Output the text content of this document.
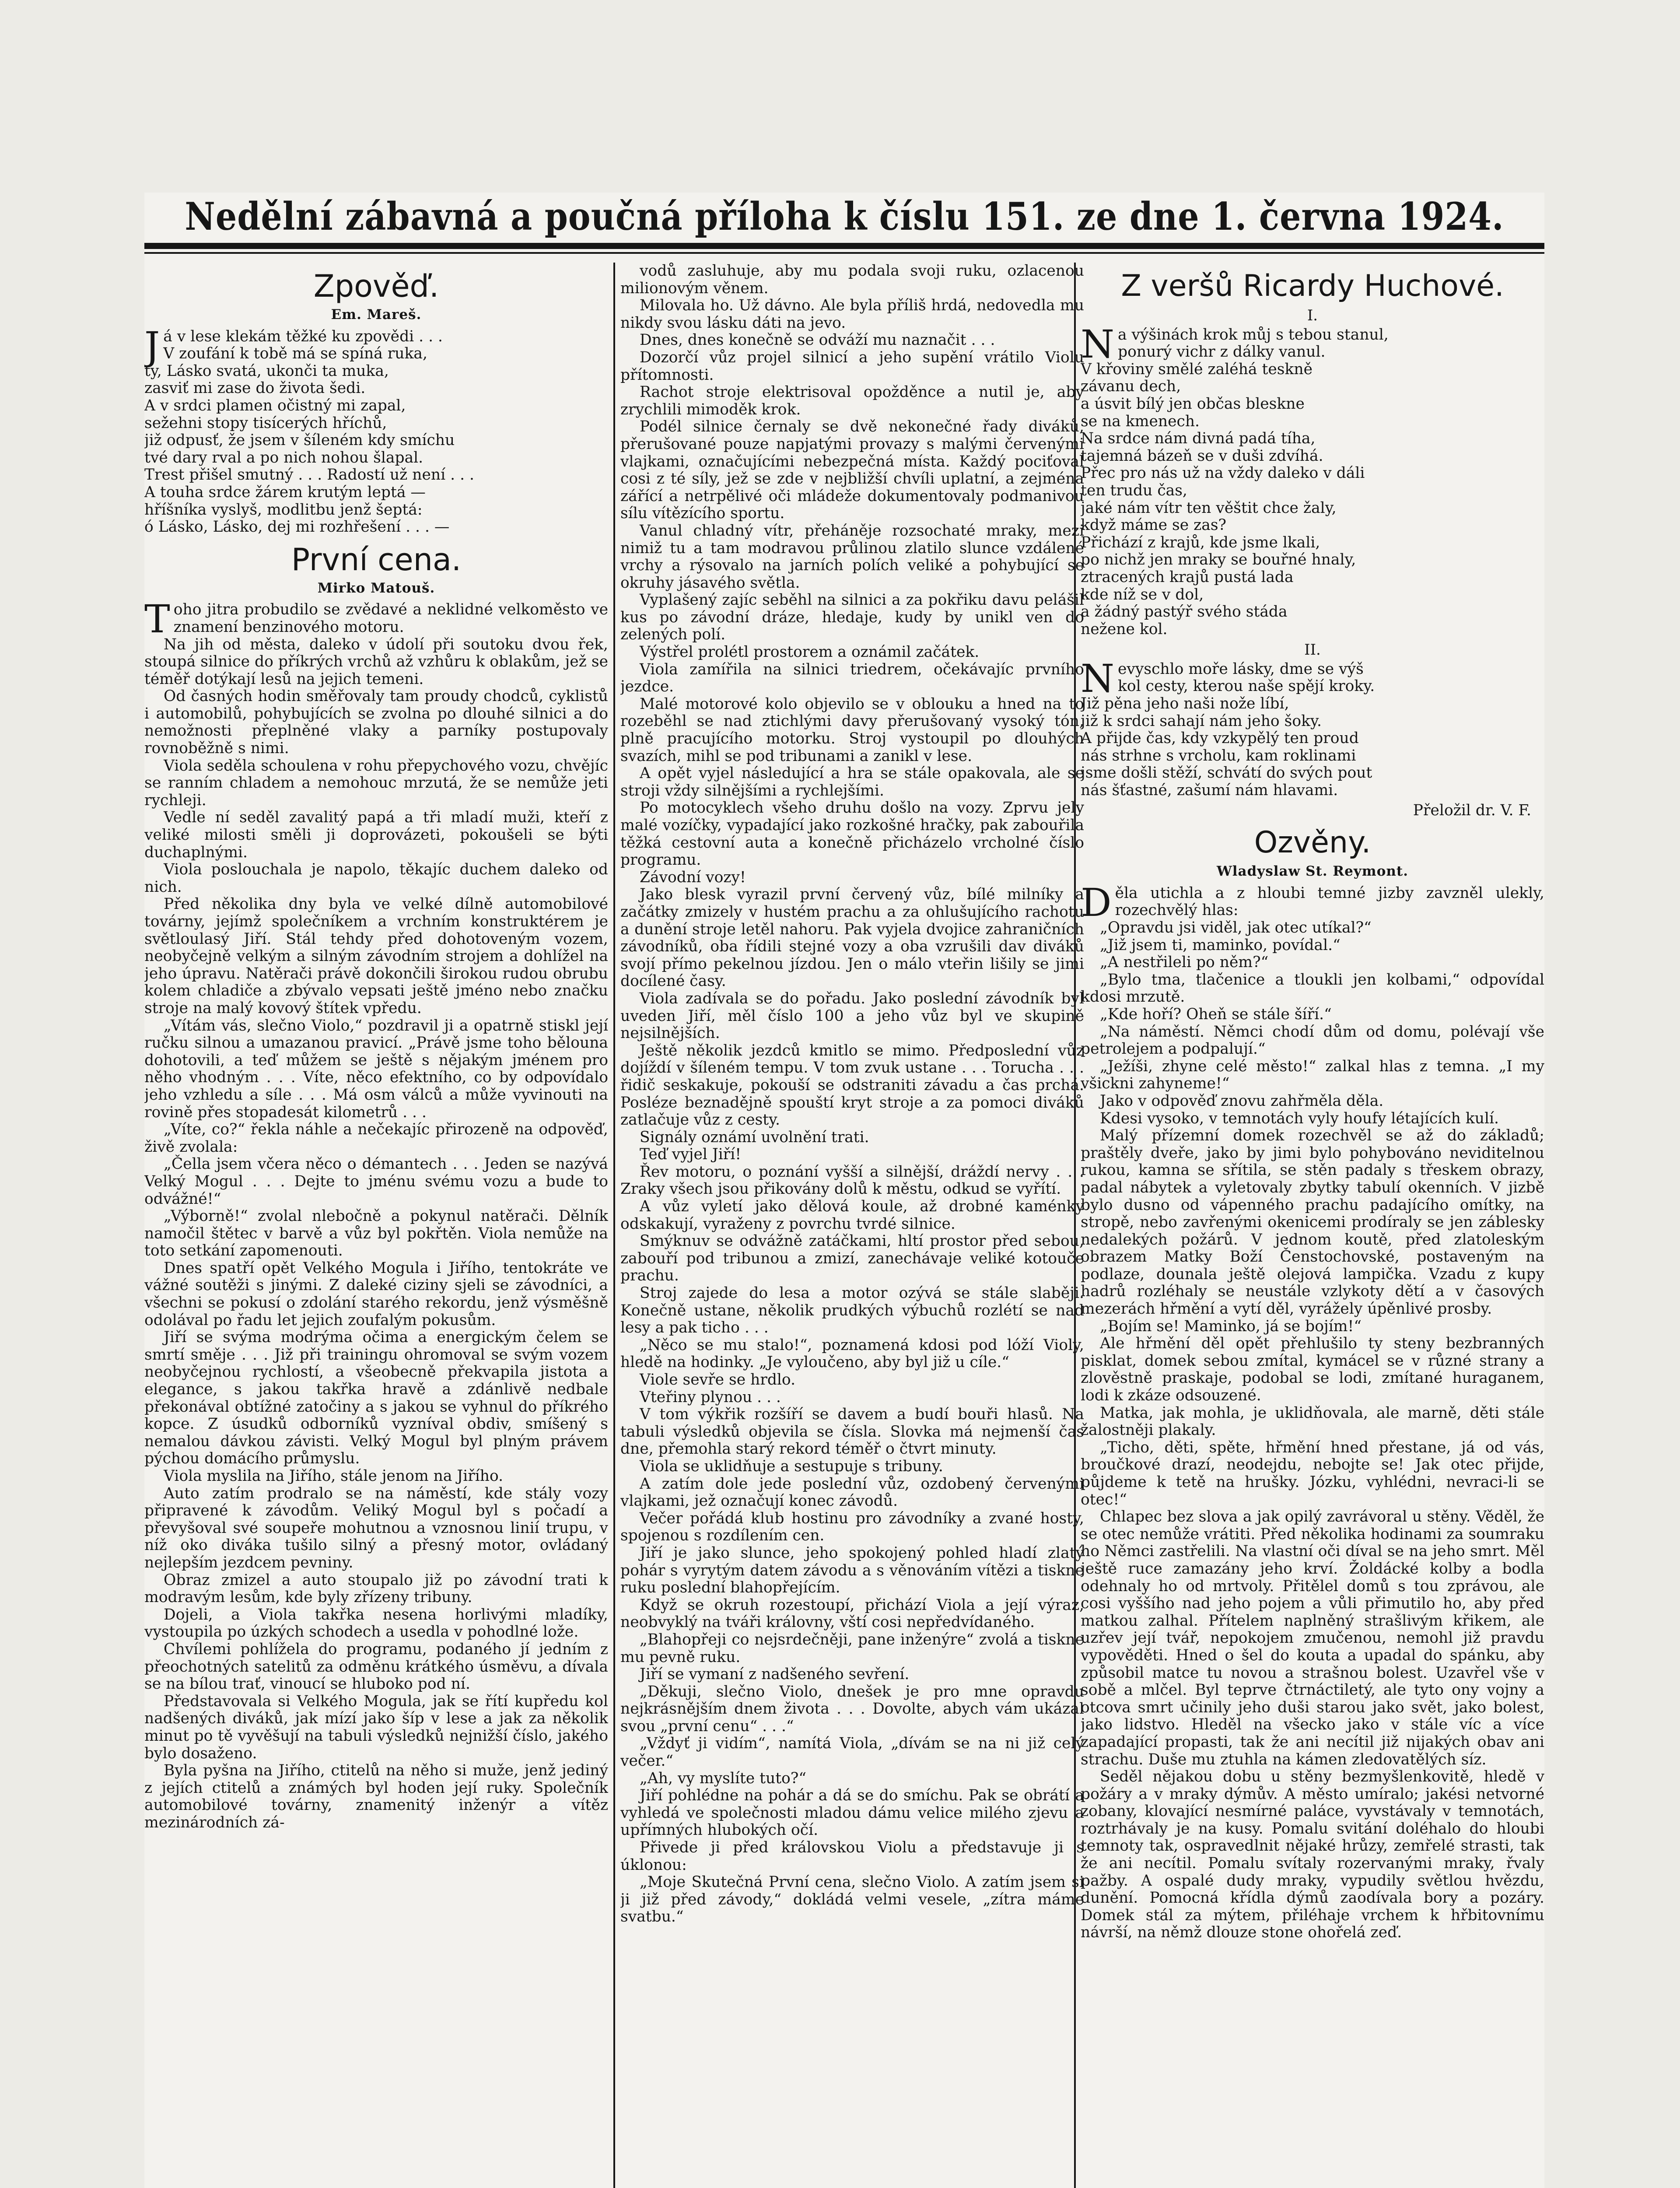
Nedělní zábavná a poučná příloha k číslu 151. ze dne 1. června 1924.
Zpověď.
Em. Mareš.

Já v lese klekám těžké ku zpovědi . . .
V zoufání k tobě má se spíná ruka,
ty, Lásko svatá, ukonči ta muka,
zasviť mi zase do života šedi.

A v srdci plamen očistný mi zapal,
sežehni stopy tisícerých hříchů,
již odpusť, že jsem v šíleném kdy smíchu
tvé dary rval a po nich nohou šlapal.

Trest přišel smutný . . . Radostí už není . . .
A touha srdce žárem krutým leptá —
hříšníka vyslyš, modlitbu jenž šeptá:
ó Lásko, Lásko, dej mi rozhřešení . . . —

První cena.
Mirko Matouš.

Toho jitra probudilo se zvědavé a neklidné velkoměsto ve znamení benzinového motoru.

Na jih od města, daleko v údolí při soutoku dvou řek, stoupá silnice do příkrých vrchů až vzhůru k oblakům, jež se téměř dotýkají lesů na jejich temeni.

Od časných hodin směřovaly tam proudy chodců, cyklistů i automobilů, pohybujících se zvolna po dlouhé silnici a do nemožnosti přeplněné vlaky a parníky postupovaly rovnoběžně s nimi.

Viola seděla schoulena v rohu přepychového vozu, chvějíc se ranním chladem a nemohouc mrzutá, že se nemůže jeti rychleji.

Vedle ní seděl zavalitý papá a tři mladí muži, kteří z veliké milosti směli ji doprovázeti, pokoušeli se býti duchaplnými.

Viola poslouchala je napolo, těkajíc duchem daleko od nich.

Před několika dny byla ve velké dílně automobilové továrny, jejímž společníkem a vrchním konstruktérem je světloulasý Jiří. Stál tehdy před dohotoveným vozem, neobyčejně velkým a silným závodním strojem a dohlížel na jeho úpravu. Natěrači právě dokončili širokou rudou obrubu kolem chladiče a zbývalo vepsati ještě jméno nebo značku stroje na malý kovový štítek vpředu.

„Vítám vás, slečno Violo,“ pozdravil ji a opatrně stiskl její ručku silnou a umazanou pravicí. „Právě jsme toho bělouna dohotovili, a teď můžem se ještě s nějakým jménem pro něho vhodným . . . Víte, něco efektního, co by odpovídalo jeho vzhledu a síle . . . Má osm válců a může vyvinouti na rovině přes stopadesát kilometrů . . .

„Víte, co?“ řekla náhle a nečekajíc přirozeně na odpověď, živě zvolala:

„Čella jsem včera něco o démantech . . . Jeden se nazývá Velký Mogul . . . Dejte to jménu svému vozu a bude to odvážné!“

„Výborně!“ zvolal nlebočně a pokynul natěrači. Dělník namočil štětec v barvě a vůz byl pokřtěn. Viola nemůže na toto setkání zapomenouti.

Dnes spatří opět Velkého Mogula i Jiřího, tentokráte ve vážné soutěži s jinými. Z daleké ciziny sjeli se závodníci, a všechni se pokusí o zdolání starého rekordu, jenž výsměšně odolával po řadu let jejich zoufalým pokusům.

Jiří se svýma modrýma očima a energickým čelem se smrtí směje . . . Již při trainingu ohromoval se svým vozem neobyčejnou rychlostí, a všeobecně překvapila jistota a elegance, s jakou takřka hravě a zdánlivě nedbale překonával obtížné zatočiny a s jakou se vyhnul do příkrého kopce. Z úsudků odborníků vyzníval obdiv, smíšený s nemalou dávkou závisti. Velký Mogul byl plným právem pýchou domácího průmyslu.

Viola myslila na Jiřího, stále jenom na Jiřího.

Auto zatím prodralo se na náměstí, kde stály vozy připravené k závodům. Veliký Mogul byl s počadí a převyšoval své soupeře mohutnou a vznosnou linií trupu, v níž oko diváka tušilo silný a přesný motor, ovládaný nejlepším jezdcem pevniny.

Obraz zmizel a auto stoupalo již po závodní trati k modravým lesům, kde byly zřízeny tribuny.

Dojeli, a Viola takřka nesena horlivými mladíky, vystoupila po úzkých schodech a usedla v pohodlné lože.

Chvílemi pohlížela do programu, podaného jí jedním z přeochotných satelitů za odměnu krátkého úsměvu, a dívala se na bílou trať, vinoucí se hluboko pod ní.

Představovala si Velkého Mogula, jak se řítí kupředu kol nadšených diváků, jak mízí jako šíp v lese a jak za několik minut po tě vyvěšují na tabuli výsledků nejnižší číslo, jakého bylo dosaženo.

Byla pyšna na Jiřího, ctitelů na něho si muže, jenž jediný z jejích ctitelů a známých byl hoden její ruky. Společník automobilové továrny, znamenitý inženýr a vítěz mezinárodních zá-

vodů zasluhuje, aby mu podala svoji ruku, ozlacenou milionovým věnem.

Milovala ho. Už dávno. Ale byla příliš hrdá, nedovedla mu nikdy svou lásku dáti na jevo.

Dnes, dnes konečně se odváží mu naznačit . . .

Dozorčí vůz projel silnicí a jeho supění vrátilo Violu přítomnosti.

Rachot stroje elektrisoval opožděnce a nutil je, aby zrychlili mimoděk krok.

Podél silnice černaly se dvě nekonečné řady diváků, přerušované pouze napjatými provazy s malými červenými vlajkami, označujícími nebezpečná místa. Každý pociťoval cosi z té síly, jež se zde v nejbližší chvíli uplatní, a zejména zářící a netrpělivé oči mládeže dokumentovaly podmanivou sílu vítězícího sportu.

Vanul chladný vítr, přeháněje rozsochaté mraky, mezi nimiž tu a tam modravou průlinou zlatilo slunce vzdálené vrchy a rýsovalo na jarních polích veliké a pohybující se okruhy jásavého světla.

Vyplašený zajíc seběhl na silnici a za pokřiku davu pelášil kus po závodní dráze, hledaje, kudy by unikl ven do zelených polí.

Výstřel prolétl prostorem a oznámil začátek.

Viola zamířila na silnici triedrem, očekávajíc prvního jezdce.

Malé motorové kolo objevilo se v oblouku a hned na to rozeběhl se nad ztichlými davy přerušovaný vysoký tón, plně pracujícího motorku. Stroj vystoupil po dlouhých svazích, mihl se pod tribunami a zanikl v lese.

A opět vyjel následující a hra se stále opakovala, ale se stroji vždy silnějšími a rychlejšími.

Po motocyklech všeho druhu došlo na vozy. Zprvu jely malé vozíčky, vypadající jako rozkošné hračky, pak zabouřila těžká cestovní auta a konečně přicházelo vrcholné číslo programu.

Závodní vozy!

Jako blesk vyrazil první červený vůz, bílé milníky a začátky zmizely v hustém prachu a za ohlušujícího rachotu a dunění stroje letěl nahoru. Pak vyjela dvojice zahraničních závodníků, oba řídili stejné vozy a oba vzrušili dav diváků svojí přímo pekelnou jízdou. Jen o málo vteřin lišily se jimi docílené časy.

Viola zadívala se do pořadu. Jako poslední závodník byl uveden Jiří, měl číslo 100 a jeho vůz byl ve skupině nejsilnějších.

Ještě několik jezdců kmitlo se mimo. Předposlední vůz dojíždí v šíleném tempu. V tom zvuk ustane . . . Torucha . . . řidič seskakuje, pokouší se odstraniti závadu a čas prchá. Posléze beznadějně spouští kryt stroje a za pomoci diváků zatlačuje vůz z cesty.

Signály oznámí uvolnění trati.

Teď vyjel Jiří!

Řev motoru, o poznání vyšší a silnější, dráždí nervy . . . Zraky všech jsou přikovány dolů k městu, odkud se vyřítí.

A vůz vyletí jako dělová koule, až drobné kaménky odskakují, vyraženy z povrchu tvrdé silnice.

Smýknuv se odvážně zatáčkami, hltí prostor před sebou, zabouří pod tribunou a zmizí, zanechávaje veliké kotouče prachu.

Stroj zajede do lesa a motor ozývá se stále slaběji. Konečně ustane, několik prudkých výbuchů rozlétí se nad lesy a pak ticho . . .

„Něco se mu stalo!“, poznamená kdosi pod lóží Violy, hledě na hodinky. „Je vyloučeno, aby byl již u cíle.“

Viole sevře se hrdlo.

Vteřiny plynou . . .

V tom výkřik rozšíří se davem a budí bouři hlasů. Na tabuli výsledků objevila se čísla. Slovka má nejmenší čas dne, přemohla starý rekord téměř o čtvrt minuty.

Viola se uklidňuje a sestupuje s tribuny.

A zatím dole jede poslední vůz, ozdobený červenými vlajkami, jež označují konec závodů.

Večer pořádá klub hostinu pro závodníky a zvané hosty, spojenou s rozdílením cen.

Jiří je jako slunce, jeho spokojený pohled hladí zlatý pohár s vyrytým datem závodu a s věnováním vítězi a tiskne ruku poslední blahopřejícím.

Když se okruh rozestoupí, přichází Viola a její výraz, neobvyklý na tváři královny, vští cosi nepředvídaného.

„Blahopřeji co nejsrdečněji, pane inženýre“ zvolá a tiskne mu pevně ruku.

Jiří se vymaní z nadšeného sevření.

„Děkuji, slečno Violo, dnešek je pro mne opravdu nejkrásnějším dnem života . . . Dovolte, abych vám ukázal svou „první cenu“ . . .“

„Vždyť ji vidím“, namítá Viola, „dívám se na ni již celý večer.“

„Ah, vy myslíte tuto?“

Jiří pohlédne na pohár a dá se do smíchu. Pak se obrátí a vyhledá ve společnosti mladou dámu velice milého zjevu a upřímných hlubokých očí.

Přivede ji před královskou Violu a představuje ji s úklonou:

„Moje Skutečná První cena, slečno Violo. A zatím jsem si ji již před závody,“ dokládá velmi vesele, „zítra máme svatbu.“

Z veršů Ricardy Huchové.
I.

Na výšinách krok můj s tebou stanul,
ponurý vichr z dálky vanul.
V křoviny smělé zaléhá teskně
závanu dech,
a úsvit bílý jen občas bleskne
se na kmenech.

Na srdce nám divná padá tíha,
tajemná bázeň se v duši zdvíhá.
Přec pro nás už na vždy daleko v dáli
ten trudu čas,
jaké nám vítr ten věštit chce žaly,
když máme se zas?

Přichází z krajů, kde jsme lkali,
po nichž jen mraky se bouřné hnaly,
ztracených krajů pustá lada
kde níž se v dol,
a žádný pastýř svého stáda
nežene kol.

II.

Nevyschlo moře lásky, dme se výš
kol cesty, kterou naše spějí kroky.
Již pěna jeho naši nože líbí,
již k srdci sahají nám jeho šoky.
A přijde čas, kdy vzkypělý ten proud
nás strhne s vrcholu, kam roklinami
jsme došli stěží, schvátí do svých pout
nás šťastné, zašumí nám hlavami.

Přeložil dr. V. F.
Ozvěny.
Wladyslaw St. Reymont.

Děla utichla a z hloubi temné jizby zavzněl ulekly, rozechvělý hlas:

„Opravdu jsi viděl, jak otec utíkal?“

„Již jsem ti, maminko, povídal.“

„A nestřileli po něm?“

„Bylo tma, tlačenice a tloukli jen kolbami,“ odpovídal kdosi mrzutě.

„Kde hoří? Oheň se stále šíří.“

„Na náměstí. Němci chodí dům od domu, polévají vše petrolejem a podpalují.“

„Ježíši, zhyne celé město!“ zalkal hlas z temna. „I my všickni zahyneme!“

Jako v odpověď znovu zahřměla děla.

Kdesi vysoko, v temnotách vyly houfy létajících kulí.

Malý přízemní domek rozechvěl se až do základů; praštěly dveře, jako by jimi bylo pohybováno neviditelnou rukou, kamna se sřítila, se stěn padaly s třeskem obrazy, padal nábytek a vyletovaly zbytky tabulí okenních. V jizbě bylo dusno od vápenného prachu padajícího omítky, na stropě, nebo zavřenými okenicemi prodíraly se jen záblesky nedalekých požárů. V jednom koutě, před zlatoleským obrazem Matky Boží Čenstochovské, postaveným na podlaze, dounala ještě olejová lampička. Vzadu z kupy hadrů rozléhaly se neustále vzlykoty dětí a v časových mezerách hřmění a vytí děl, vyrážely úpěnlivé prosby.

„Bojím se! Maminko, já se bojím!“

Ale hřmění děl opět přehlušilo ty steny bezbranných pisklat, domek sebou zmítal, kymácel se v různé strany a zlověstně praskaje, podobal se lodi, zmítané huraganem, lodi k zkáze odsouzené.

Matka, jak mohla, je uklidňovala, ale marně, děti stále žalostněji plakaly.

„Ticho, děti, spěte, hřmění hned přestane, já od vás, broučkové drazí, neodejdu, nebojte se! Jak otec přijde, půjdeme k tetě na hrušky. Józku, vyhlédni, nevraci-li se otec!“

Chlapec bez slova a jak opilý zavrávoral u stěny. Věděl, že se otec nemůže vrátiti. Před několika hodinami za soumraku ho Němci zastřelili. Na vlastní oči díval se na jeho smrt. Měl ještě ruce zamazány jeho krví. Žoldácké kolby a bodla odehnaly ho od mrtvoly. Přitělel domů s tou zprávou, ale cosi vyššího nad jeho pojem a vůli přimutilo ho, aby před matkou zalhal. Přítelem naplněný strašlivým křikem, ale uzřev její tvář, nepokojem zmučenou, nemohl již pravdu vypověděti. Hned o šel do kouta a upadal do spánku, aby způsobil matce tu novou a strašnou bolest. Uzavřel vše v sobě a mlčel. Byl teprve čtrnáctiletý, ale tyto ony vojny a otcova smrt učinily jeho duši starou jako svět, jako bolest, jako lidstvo. Hleděl na všecko jako v stále víc a více zapadající propasti, tak že ani necítil již nijakých obav ani strachu. Duše mu ztuhla na kámen zledovatělých síz.

Seděl nějakou dobu u stěny bezmyšlenkovitě, hledě v požáry a v mraky dýmův. A město umíralo; jakési netvorné zobany, klovající nesmírné paláce, vyvstávaly v temnotách, roztrhávaly je na kusy. Pomalu svitání doléhalo do hloubi temnoty tak, ospravedlnit nějaké hrůzy, zemřelé strasti, tak že ani necítil. Pomalu svítaly rozervanými mraky, řvaly pažby. A ospalé dudy mraky, vypudily světlou hvězdu, dunění. Pomocná křídla dýmů zaodívala bory a pozáry. Domek stál za mýtem, přiléhaje vrchem k hřbitovnímu návrší, na němž dlouze stone ohořelá zeď.
